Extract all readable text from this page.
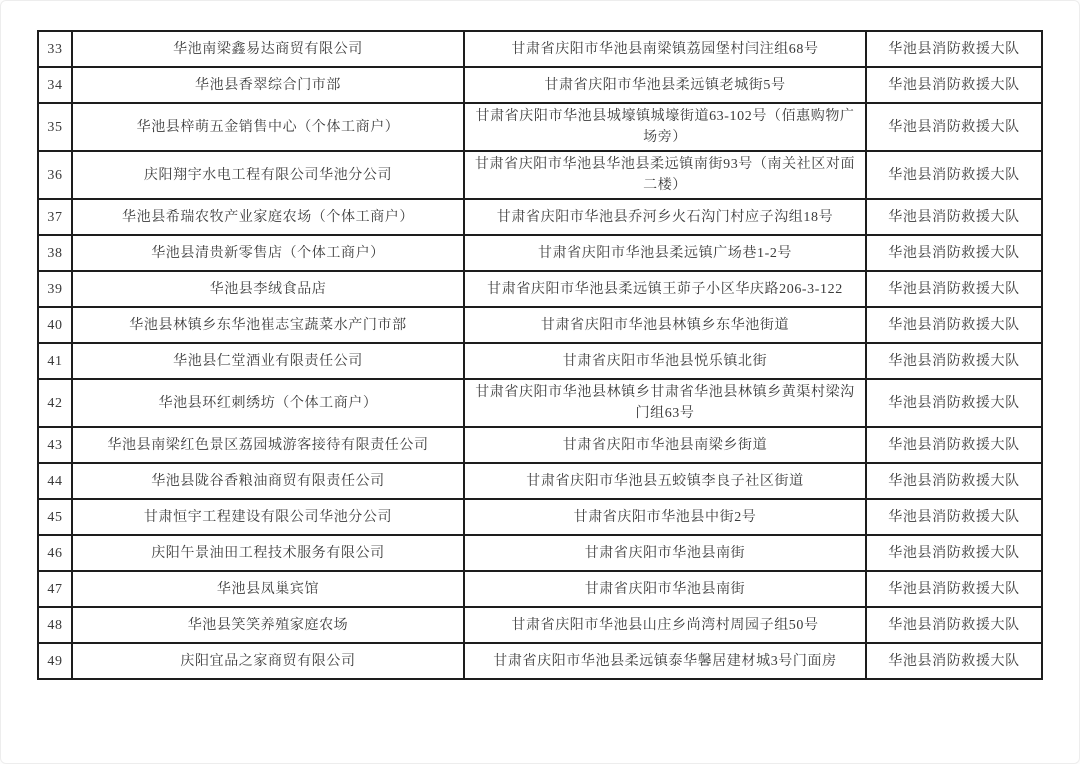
33	华池南梁鑫易达商贸有限公司	甘肃省庆阳市华池县南梁镇荔园堡村闫注组68号	华池县消防救援大队
34	华池县香翠综合门市部	甘肃省庆阳市华池县柔远镇老城街5号	华池县消防救援大队
35	华池县梓萌五金销售中心（个体工商户）	甘肃省庆阳市华池县城壕镇城壕街道63-102号（佰惠购物广场旁）	华池县消防救援大队
36	庆阳翔宇水电工程有限公司华池分公司	甘肃省庆阳市华池县华池县柔远镇南街93号（南关社区对面二楼）	华池县消防救援大队
37	华池县希瑞农牧产业家庭农场（个体工商户）	甘肃省庆阳市华池县乔河乡火石沟门村应子沟组18号	华池县消防救援大队
38	华池县清贵新零售店（个体工商户）	甘肃省庆阳市华池县柔远镇广场巷1-2号	华池县消防救援大队
39	华池县李绒食品店	甘肃省庆阳市华池县柔远镇王茆子小区华庆路206-3-122	华池县消防救援大队
40	华池县林镇乡东华池崔志宝蔬菜水产门市部	甘肃省庆阳市华池县林镇乡东华池街道	华池县消防救援大队
41	华池县仁堂酒业有限责任公司	甘肃省庆阳市华池县悦乐镇北街	华池县消防救援大队
42	华池县环红刺绣坊（个体工商户）	甘肃省庆阳市华池县林镇乡甘肃省华池县林镇乡黄渠村梁沟门组63号	华池县消防救援大队
43	华池县南梁红色景区荔园城游客接待有限责任公司	甘肃省庆阳市华池县南梁乡街道	华池县消防救援大队
44	华池县陇谷香粮油商贸有限责任公司	甘肃省庆阳市华池县五蛟镇李良子社区街道	华池县消防救援大队
45	甘肃恒宇工程建设有限公司华池分公司	甘肃省庆阳市华池县中街2号	华池县消防救援大队
46	庆阳午景油田工程技术服务有限公司	甘肃省庆阳市华池县南街	华池县消防救援大队
47	华池县凤巢宾馆	甘肃省庆阳市华池县南街	华池县消防救援大队
48	华池县笑笑养殖家庭农场	甘肃省庆阳市华池县山庄乡尚湾村周园子组50号	华池县消防救援大队
49	庆阳宜品之家商贸有限公司	甘肃省庆阳市华池县柔远镇泰华馨居建材城3号门面房	华池县消防救援大队
